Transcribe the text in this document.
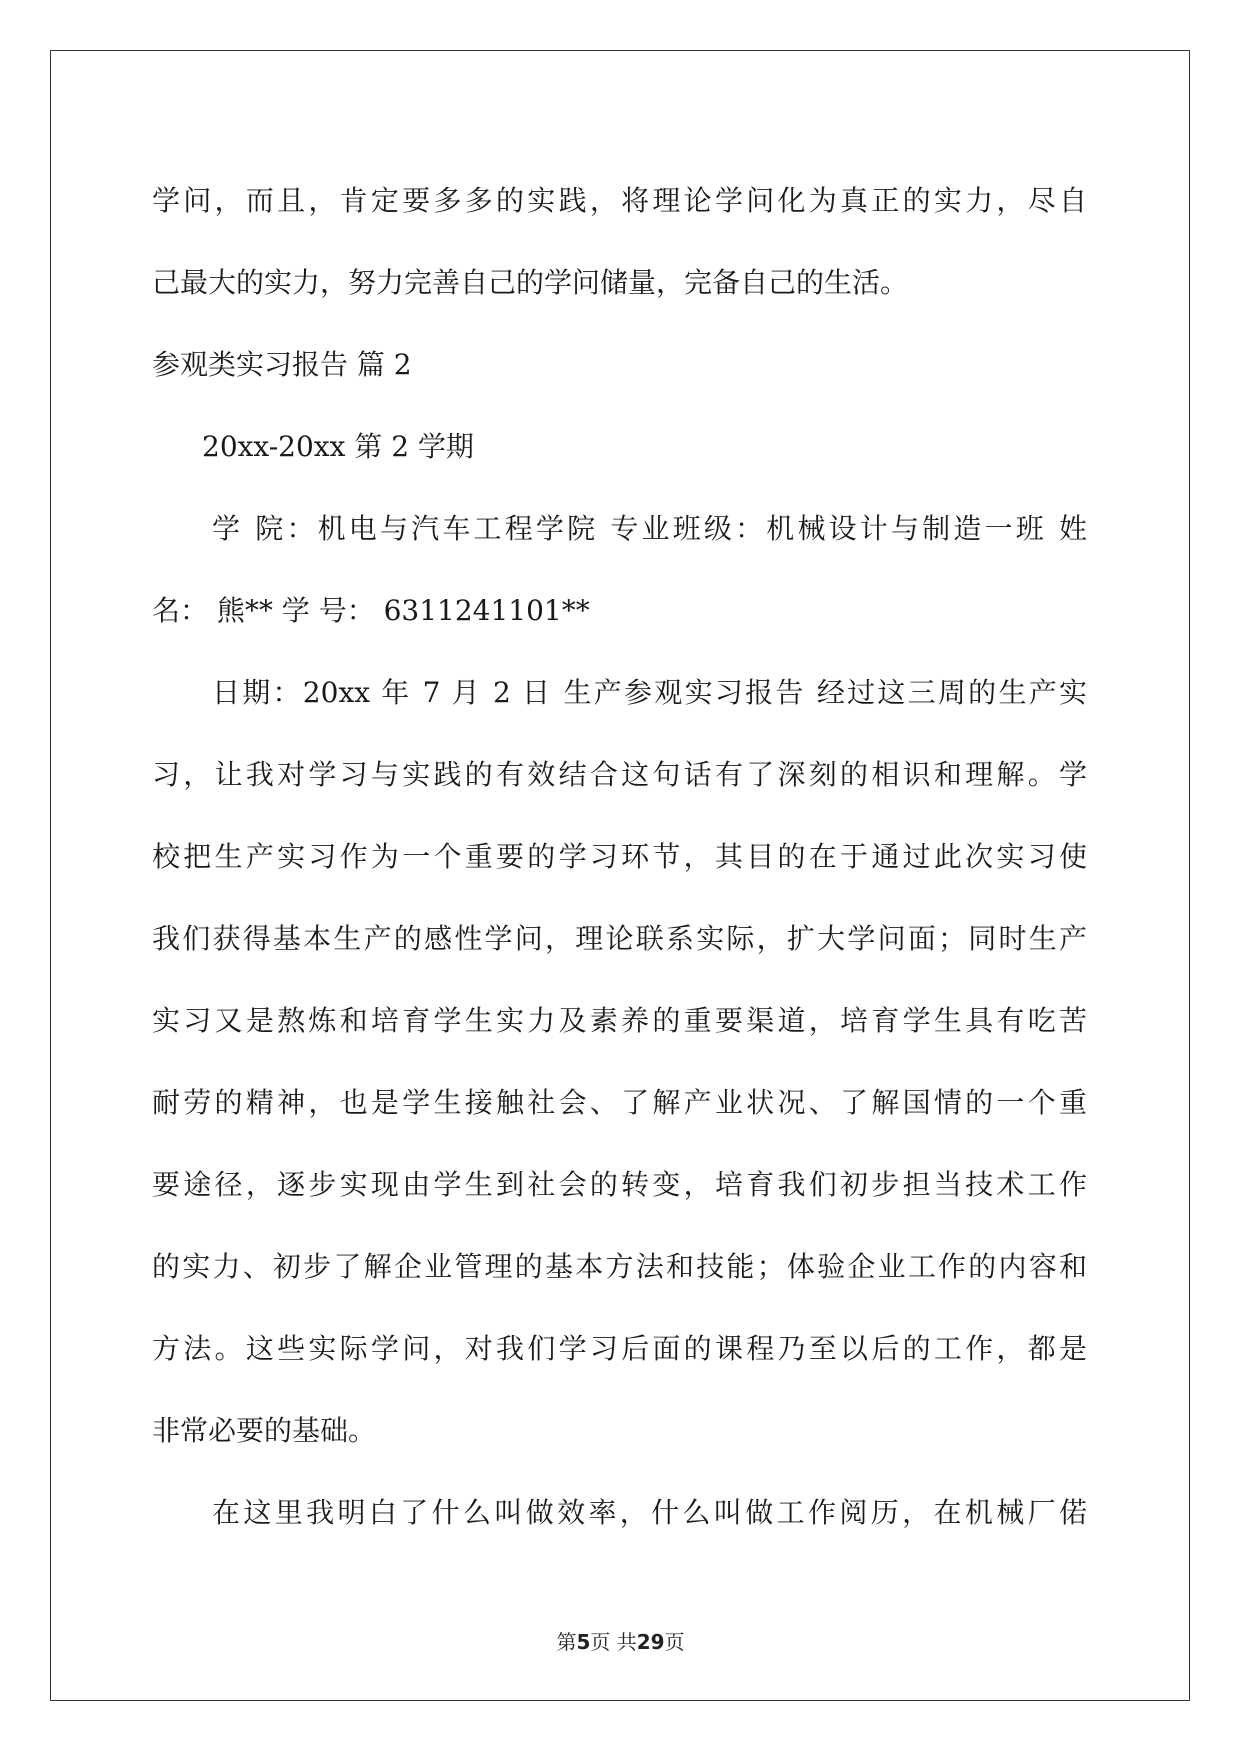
学问，而且，肯定要多多的实践，将理论学问化为真正的实力，尽自

己最大的实力，努力完善自己的学问储量，完备自己的生活。

参观类实习报告 篇 2

20xx-20xx 第 2 学期

学 院：机电与汽车工程学院 专业班级：机械设计与制造一班 姓

名： 熊** 学 号： 6311241101**

日期：20xx 年 7 月 2 日 生产参观实习报告 经过这三周的生产实

习，让我对学习与实践的有效结合这句话有了深刻的相识和理解。学

校把生产实习作为一个重要的学习环节，其目的在于通过此次实习使

我们获得基本生产的感性学问，理论联系实际，扩大学问面；同时生产

实习又是熬炼和培育学生实力及素养的重要渠道，培育学生具有吃苦

耐劳的精神，也是学生接触社会、了解产业状况、了解国情的一个重

要途径，逐步实现由学生到社会的转变，培育我们初步担当技术工作

的实力、初步了解企业管理的基本方法和技能；体验企业工作的内容和

方法。这些实际学问，对我们学习后面的课程乃至以后的工作，都是

非常必要的基础。

在这里我明白了什么叫做效率，什么叫做工作阅历，在机械厂偌

第5页 共29页
